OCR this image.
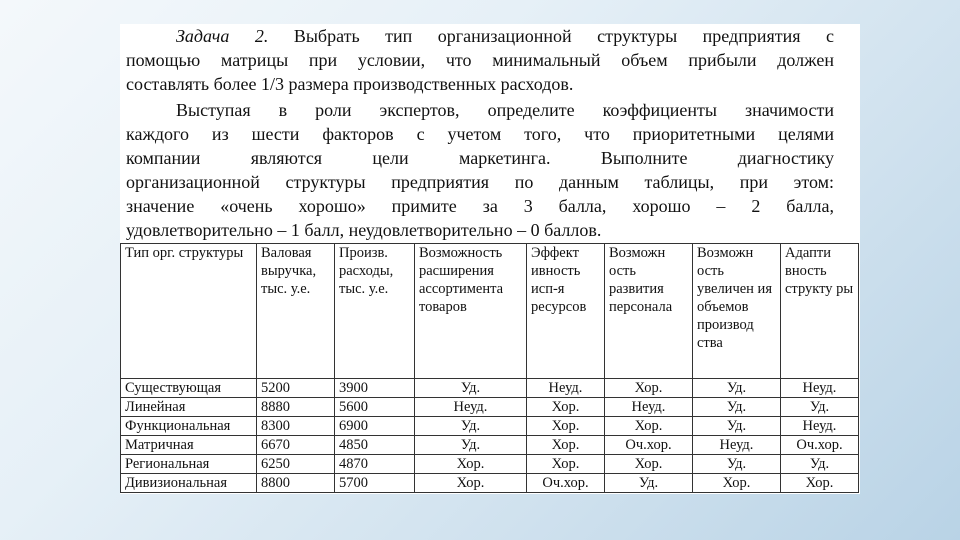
Задача 2. Выбрать тип организационной структуры предприятия с
помощью матрицы при условии, что минимальный объем прибыли должен
составлять более 1/3 размера производственных расходов.
Выступая в роли экспертов, определите коэффициенты значимости
каждого из шести факторов с учетом того, что приоритетными целями
компании являются цели маркетинга. Выполните диагностику
организационной структуры предприятия по данным таблицы, при этом:
значение «очень хорошо» примите за 3 балла, хорошо – 2 балла,
удовлетворительно – 1 балл, неудовлетворительно – 0 баллов.
Тип орг. структуры	Валовая выручка, тыс. у.е.	Произв. расходы, тыс. у.е.	Возможность расширения ассортимента товаров	Эффект ивность исп-я ресурсов	Возможн ость развития персонала	Возможн ость увеличен ия объемов производ ства	Адапти вность структу ры
Существующая	5200	3900	Уд.	Неуд.	Хор.	Уд.	Неуд.
Линейная	8880	5600	Неуд.	Хор.	Неуд.	Уд.	Уд.
Функциональная	8300	6900	Уд.	Хор.	Хор.	Уд.	Неуд.
Матричная	6670	4850	Уд.	Хор.	Оч.хор.	Неуд.	Оч.хор.
Региональная	6250	4870	Хор.	Хор.	Хор.	Уд.	Уд.
Дивизиональная	8800	5700	Хор.	Оч.хор.	Уд.	Хор.	Хор.
